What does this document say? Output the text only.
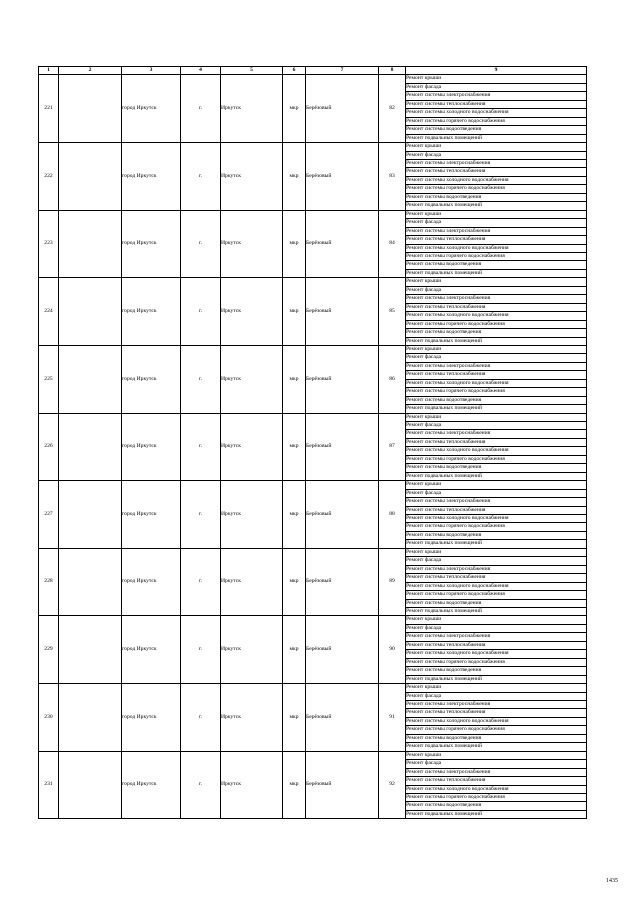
1	2	3	4	5	6	7	8	9
221		город Иркутск	г.	Иркутск	мкр	Берёзовый	82	Ремонт крыши
								Ремонт фасада
								Ремонт системы электроснабжения
								Ремонт системы теплоснабжения
								Ремонт системы холодного водоснабжения
								Ремонт системы горячего водоснабжения
								Ремонт системы водоотведения
								Ремонт подвальных помещений
222		город Иркутск	г.	Иркутск	мкр	Берёзовый	83	Ремонт крыши
								Ремонт фасада
								Ремонт системы электроснабжения
								Ремонт системы теплоснабжения
								Ремонт системы холодного водоснабжения
								Ремонт системы горячего водоснабжения
								Ремонт системы водоотведения
								Ремонт подвальных помещений
223		город Иркутск	г.	Иркутск	мкр	Берёзовый	84	Ремонт крыши
								Ремонт фасада
								Ремонт системы электроснабжения
								Ремонт системы теплоснабжения
								Ремонт системы холодного водоснабжения
								Ремонт системы горячего водоснабжения
								Ремонт системы водоотведения
								Ремонт подвальных помещений
224		город Иркутск	г.	Иркутск	мкр	Берёзовый	85	Ремонт крыши
								Ремонт фасада
								Ремонт системы электроснабжения
								Ремонт системы теплоснабжения
								Ремонт системы холодного водоснабжения
								Ремонт системы горячего водоснабжения
								Ремонт системы водоотведения
								Ремонт подвальных помещений
225		город Иркутск	г.	Иркутск	мкр	Берёзовый	86	Ремонт крыши
								Ремонт фасада
								Ремонт системы электроснабжения
								Ремонт системы теплоснабжения
								Ремонт системы холодного водоснабжения
								Ремонт системы горячего водоснабжения
								Ремонт системы водоотведения
								Ремонт подвальных помещений
226		город Иркутск	г.	Иркутск	мкр	Берёзовый	87	Ремонт крыши
								Ремонт фасада
								Ремонт системы электроснабжения
								Ремонт системы теплоснабжения
								Ремонт системы холодного водоснабжения
								Ремонт системы горячего водоснабжения
								Ремонт системы водоотведения
								Ремонт подвальных помещений
227		город Иркутск	г.	Иркутск	мкр	Берёзовый	88	Ремонт крыши
								Ремонт фасада
								Ремонт системы электроснабжения
								Ремонт системы теплоснабжения
								Ремонт системы холодного водоснабжения
								Ремонт системы горячего водоснабжения
								Ремонт системы водоотведения
								Ремонт подвальных помещений
228		город Иркутск	г.	Иркутск	мкр	Берёзовый	89	Ремонт крыши
								Ремонт фасада
								Ремонт системы электроснабжения
								Ремонт системы теплоснабжения
								Ремонт системы холодного водоснабжения
								Ремонт системы горячего водоснабжения
								Ремонт системы водоотведения
								Ремонт подвальных помещений
229		город Иркутск	г.	Иркутск	мкр	Берёзовый	90	Ремонт крыши
								Ремонт фасада
								Ремонт системы электроснабжения
								Ремонт системы теплоснабжения
								Ремонт системы холодного водоснабжения
								Ремонт системы горячего водоснабжения
								Ремонт системы водоотведения
								Ремонт подвальных помещений
230		город Иркутск	г.	Иркутск	мкр	Берёзовый	91	Ремонт крыши
								Ремонт фасада
								Ремонт системы электроснабжения
								Ремонт системы теплоснабжения
								Ремонт системы холодного водоснабжения
								Ремонт системы горячего водоснабжения
								Ремонт системы водоотведения
								Ремонт подвальных помещений
231		город Иркутск	г.	Иркутск	мкр	Берёзовый	92	Ремонт крыши
								Ремонт фасада
								Ремонт системы электроснабжения
								Ремонт системы теплоснабжения
								Ремонт системы холодного водоснабжения
								Ремонт системы горячего водоснабжения
								Ремонт системы водоотведения
								Ремонт подвальных помещений
1435
